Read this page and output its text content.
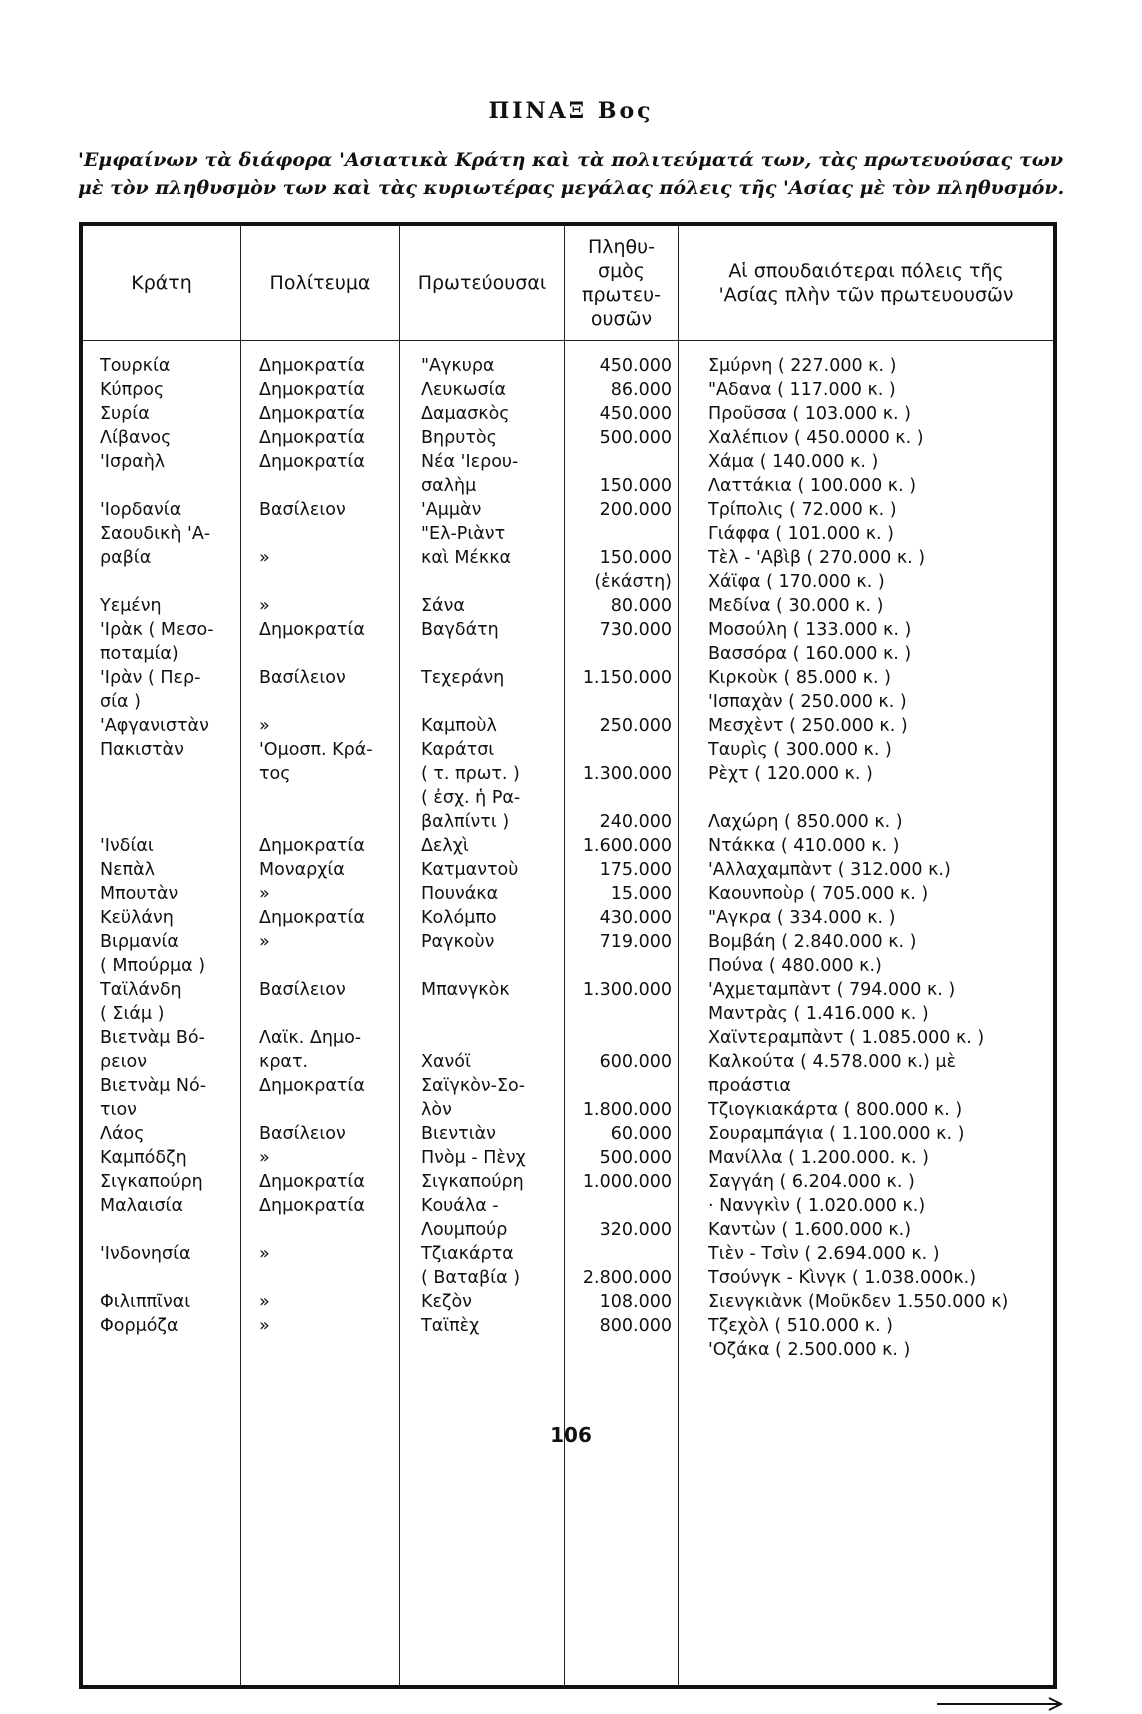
ΠΙΝΑΞ Βος
'Εμφαίνων τὰ διάφορα 'Ασιατικὰ Κράτη καὶ τὰ πολιτεύματά των, τὰς πρωτευούσας των
μὲ τὸν πληθυσμὸν των καὶ τὰς κυριωτέρας μεγάλας πόλεις τῆς 'Ασίας μὲ τὸν πληθυσμόν.
Κράτη	Πολίτευμα	Πρωτεύουσαι
Πληθυ-
σμὸς
πρωτευ-
ουσῶν
Αἱ σπουδαιότεραι πόλεις τῆς
'Ασίας πλὴν τῶν πρωτευουσῶν
Τουρκία
Κύπρος
Συρία
Λίβανος
'Ισραὴλ
'Ιορδανία
Σαουδικὴ 'Α-
ραβία
Υεμένη
'Ιρὰκ ( Μεσο-
ποταμία)
'Ιρὰν ( Περ-
σία )
'Αφγανιστὰν
Πακιστὰν
'Ινδίαι
Νεπὰλ
Μπουτὰν
Κεϋλάνη
Βιρμανία
( Μπούρμα )
Ταϊλάνδη
( Σιάμ )
Βιετνὰμ Βό-
ρειον
Βιετνὰμ Νό-
τιον
Λάος
Καμπόδζη
Σιγκαπούρη
Μαλαισία
'Ινδονησία
Φιλιππῖναι
Φορμόζα
Δημοκρατία
Δημοκρατία
Δημοκρατία
Δημοκρατία
Δημοκρατία
Βασίλειον
»
»
Δημοκρατία
Βασίλειον
»
'Ομοσπ. Κρά-
τος
Δημοκρατία
Μοναρχία
»
Δημοκρατία
»
Βασίλειον
Λαϊκ. Δημο-
κρατ.
Δημοκρατία
Βασίλειον
»
Δημοκρατία
Δημοκρατία
»
»
»
"Αγκυρα
Λευκωσία
Δαμασκὸς
Βηρυτὸς
Νέα 'Ιερου-
σαλὴμ
'Αμμὰν
"Ελ-Ριὰντ
καὶ Μέκκα
Σάνα
Βαγδάτη
Τεχεράνη
Καμποὺλ
Καράτσι
( τ. πρωτ. )
( ἐσχ. ἡ Ρα-
βαλπίντι )
Δελχὶ
Κατμαντοὺ
Πουνάκα
Κολόμπο
Ραγκοὺν
Μπανγκὸκ
Χανόϊ
Σαϊγκὸν-Σο-
λὸν
Βιεντιὰν
Πνὸμ - Πὲνχ
Σιγκαπούρη
Κουάλα -
Λουμπούρ
Τζιακάρτα
( Βαταβία )
Κεζὸν
Ταϊπὲχ
450.000
86.000
450.000
500.000
150.000
200.000
150.000
(ἑκάστη)
80.000
730.000
1.150.000
250.000
1.300.000
240.000
1.600.000
175.000
15.000
430.000
719.000
1.300.000
600.000
1.800.000
60.000
500.000
1.000.000
320.000
2.800.000
108.000
800.000
Σμύρνη ( 227.000 κ. )
"Αδανα ( 117.000 κ. )
Προῦσσα ( 103.000 κ. )
Χαλέπιον ( 450.0000 κ. )
Χάμα ( 140.000 κ. )
Λαττάκια ( 100.000 κ. )
Τρίπολις ( 72.000 κ. )
Γιάφφα ( 101.000 κ. )
Τὲλ - 'Αβὶβ ( 270.000 κ. )
Χάϊφα ( 170.000 κ. )
Μεδίνα ( 30.000 κ. )
Μοσούλη ( 133.000 κ. )
Βασσόρα ( 160.000 κ. )
Κιρκοὺκ ( 85.000 κ. )
'Ισπαχὰν ( 250.000 κ. )
Μεσχὲντ ( 250.000 κ. )
Ταυρὶς ( 300.000 κ. )
Ρὲχτ ( 120.000 κ. )
Λαχώρη ( 850.000 κ. )
Ντάκκα ( 410.000 κ. )
'Αλλαχαμπὰντ ( 312.000 κ.)
Καουνποὺρ ( 705.000 κ. )
"Αγκρα ( 334.000 κ. )
Βομβάη ( 2.840.000 κ. )
Πούνα ( 480.000 κ.)
'Αχμεταμπὰντ ( 794.000 κ. )
Μαντρὰς ( 1.416.000 κ. )
Χαϊντεραμπὰντ ( 1.085.000 κ. )
Καλκούτα ( 4.578.000 κ.) μὲ
προάστια
Τζιογκιακάρτα ( 800.000 κ. )
Σουραμπάγια ( 1.100.000 κ. )
Μανίλλα ( 1.200.000. κ. )
Σαγγάη ( 6.204.000 κ. )
· Νανγκὶν ( 1.020.000 κ.)
Καντὼν ( 1.600.000 κ.)
Τιὲν - Τσὶν ( 2.694.000 κ. )
Τσούνγκ - Κὶνγκ ( 1.038.000κ.)
Σιενγκιὰνκ (Μοῦκδεν 1.550.000 κ)
Τζεχὸλ ( 510.000 κ. )
'Οζάκα ( 2.500.000 κ. )
106
